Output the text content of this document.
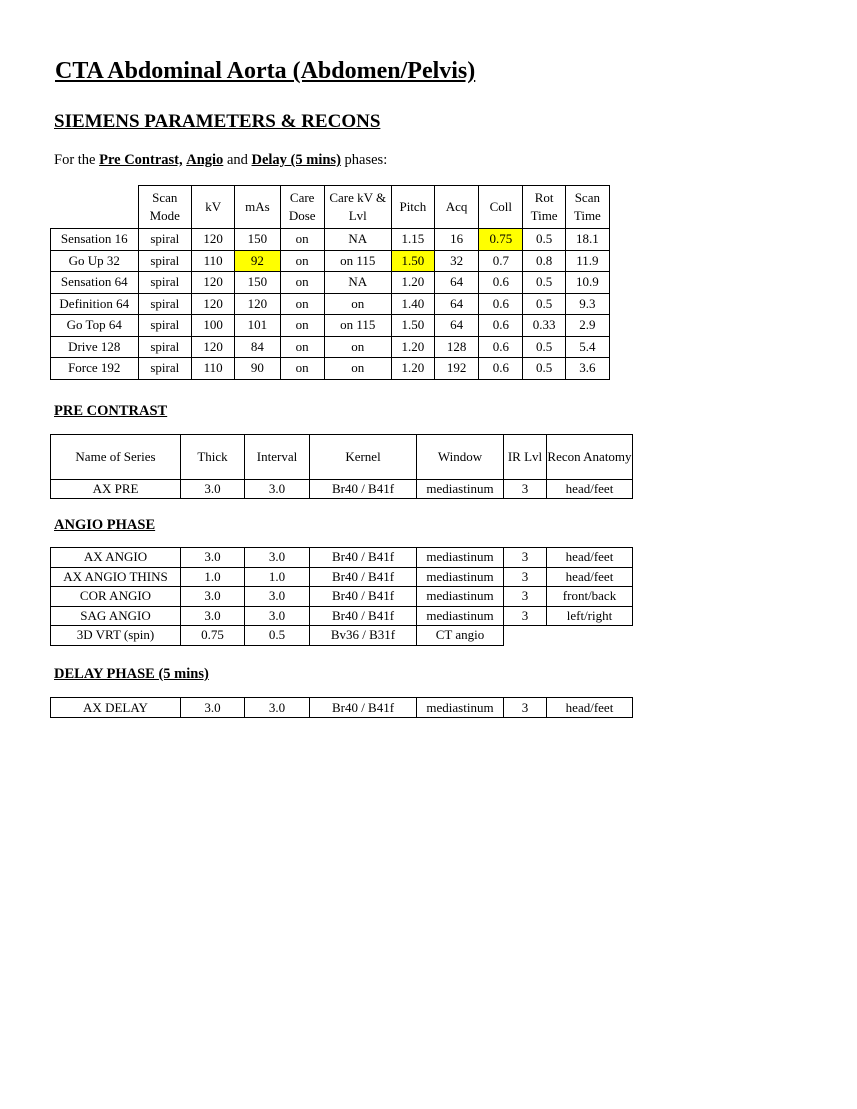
CTA Abdominal Aorta (Abdomen/Pelvis)
SIEMENS PARAMETERS & RECONS

For the Pre Contrast, Angio and Delay (5 mins) phases:

	Scan Mode	kV	mAs	Care Dose	Care kV & Lvl	Pitch	Acq	Coll	Rot Time	Scan Time
Sensation 16	spiral	120	150	on	NA	1.15	16	0.75	0.5	18.1
Go Up 32	spiral	110	92	on	on 115	1.50	32	0.7	0.8	11.9
Sensation 64	spiral	120	150	on	NA	1.20	64	0.6	0.5	10.9
Definition 64	spiral	120	120	on	on	1.40	64	0.6	0.5	9.3
Go Top 64	spiral	100	101	on	on 115	1.50	64	0.6	0.33	2.9
Drive 128	spiral	120	84	on	on	1.20	128	0.6	0.5	5.4
Force 192	spiral	110	90	on	on	1.20	192	0.6	0.5	3.6
PRE CONTRAST
Name of Series	Thick	Interval	Kernel	Window	IR Lvl	Recon Anatomy
AX PRE	3.0	3.0	Br40 / B41f	mediastinum	3	head/feet
ANGIO PHASE
AX ANGIO	3.0	3.0	Br40 / B41f	mediastinum	3	head/feet
AX ANGIO THINS	1.0	1.0	Br40 / B41f	mediastinum	3	head/feet
COR ANGIO	3.0	3.0	Br40 / B41f	mediastinum	3	front/back
SAG ANGIO	3.0	3.0	Br40 / B41f	mediastinum	3	left/right
3D VRT (spin)	0.75	0.5	Bv36 / B31f	CT angio		
DELAY PHASE (5 mins)
AX DELAY	3.0	3.0	Br40 / B41f	mediastinum	3	head/feet
